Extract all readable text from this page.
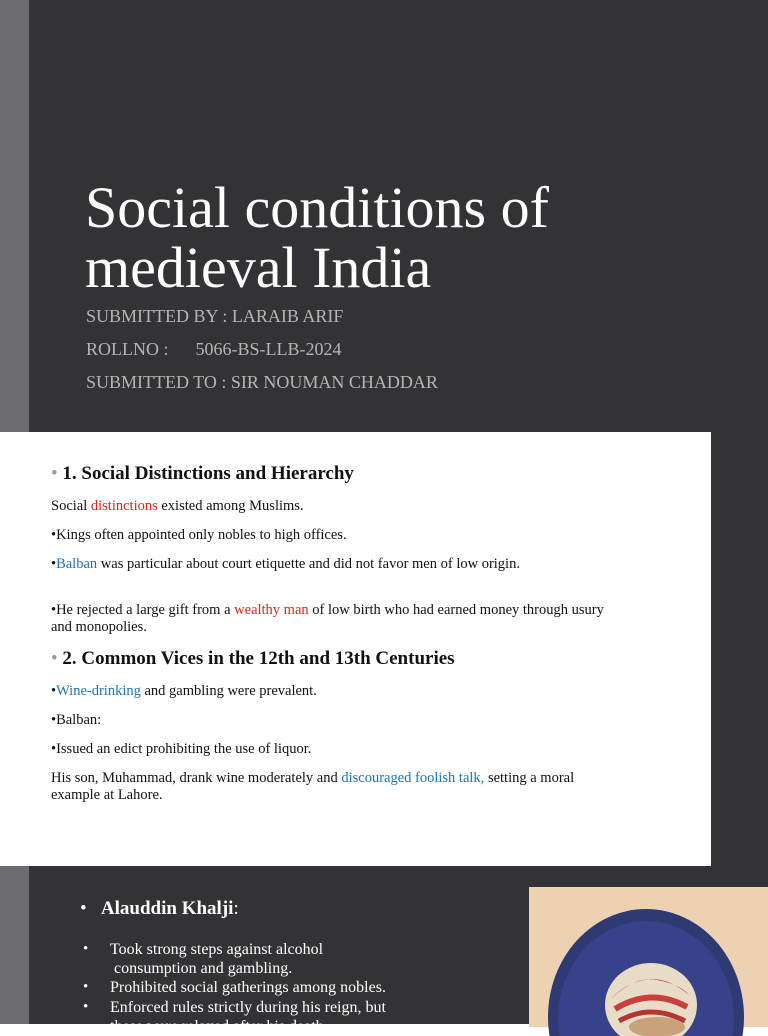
Social conditions of
medieval India
SUBMITTED BY : LARAIB ARIF
ROLLNO : 5066-BS-LLB-2024
SUBMITTED TO : SIR NOUMAN CHADDAR
• 1. Social Distinctions and Hierarchy
Social distinctions existed among Muslims.
•Kings often appointed only nobles to high offices.
•Balban was particular about court etiquette and did not favor men of low origin.
•He rejected a large gift from a wealthy man of low birth who had earned money through usury and monopolies.
• 2. Common Vices in the 12th and 13th Centuries
•Wine-drinking and gambling were prevalent.
•Balban:
•Issued an edict prohibiting the use of liquor.
His son, Muhammad, drank wine moderately and discouraged foolish talk, setting a moral example at Lahore.
• Alauddin Khalji:
• Took strong steps against alcohol
consumption and gambling.
• Prohibited social gatherings among nobles.
• Enforced rules strictly during his reign, but
these were relaxed after his death.
